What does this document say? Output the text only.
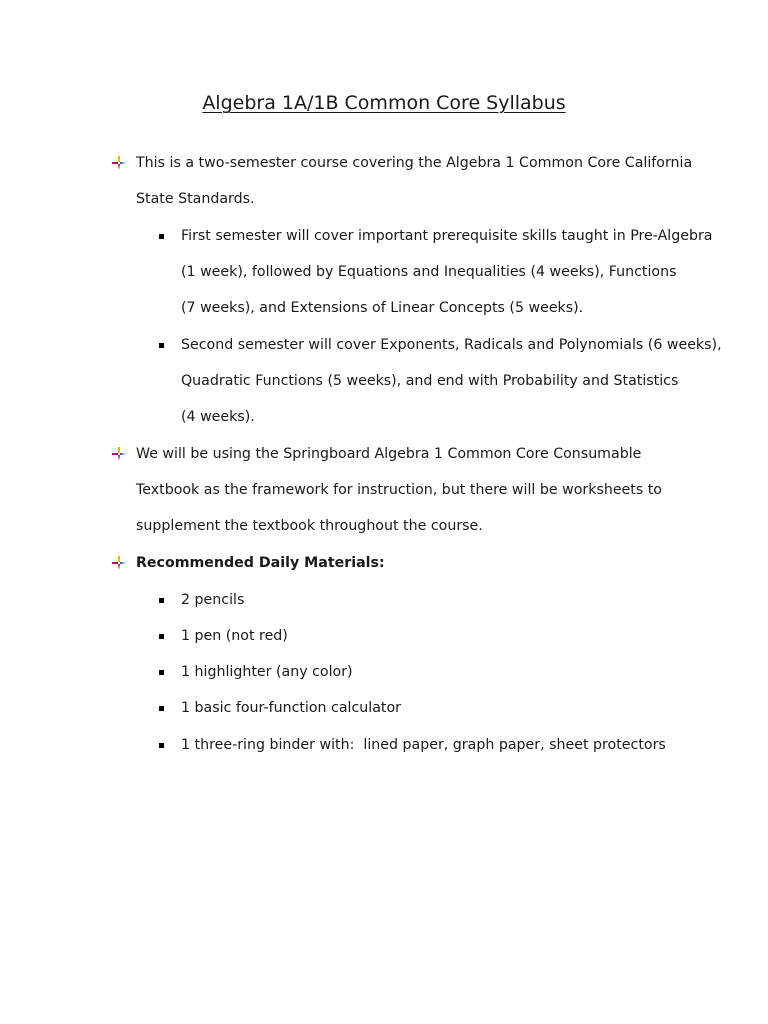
Algebra 1A/1B Common Core Syllabus
This is a two-semester course covering the Algebra 1 Common Core California
State Standards.
First semester will cover important prerequisite skills taught in Pre-Algebra
(1 week), followed by Equations and Inequalities (4 weeks), Functions
(7 weeks), and Extensions of Linear Concepts (5 weeks).
Second semester will cover Exponents, Radicals and Polynomials (6 weeks),
Quadratic Functions (5 weeks), and end with Probability and Statistics
(4 weeks).
We will be using the Springboard Algebra 1 Common Core Consumable
Textbook as the framework for instruction, but there will be worksheets to
supplement the textbook throughout the course.
Recommended Daily Materials:
2 pencils
1 pen (not red)
1 highlighter (any color)
1 basic four-function calculator
1 three-ring binder with:  lined paper, graph paper, sheet protectors
